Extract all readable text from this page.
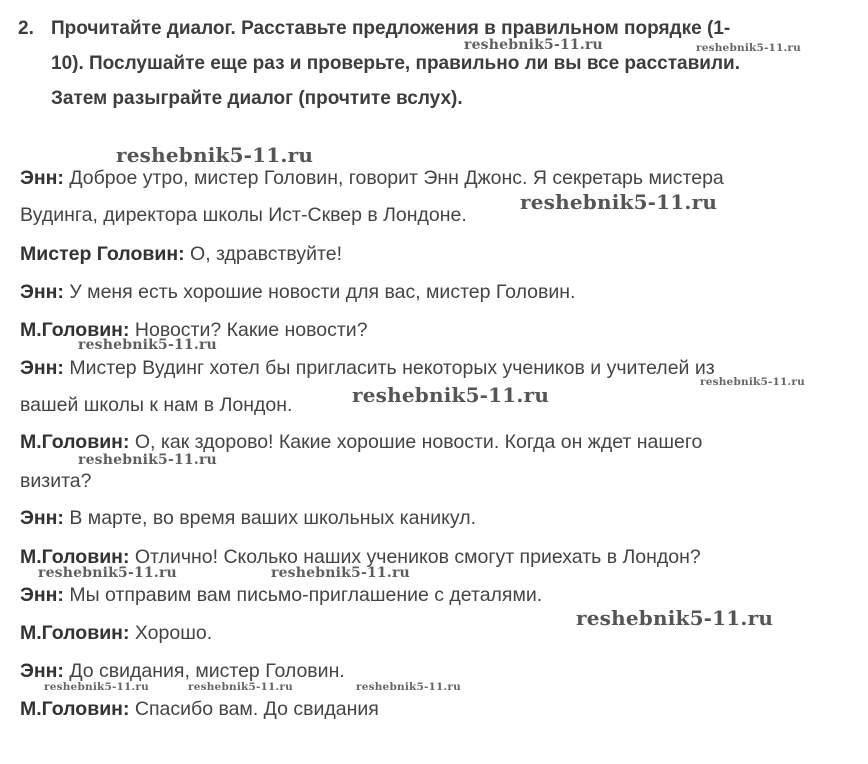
2. Прочитайте диалог. Расставьте предложения в правильном порядке (1-
10). Послушайте еще раз и проверьте, правильно ли вы все расставили.
Затем разыграйте диалог (прочтите вслух).
Энн: Доброе утро, мистер Головин, говорит Энн Джонс. Я секретарь мистера
Вудинга, директора школы Ист-Сквер в Лондоне.
Мистер Головин: О, здравствуйте!
Энн: У меня есть хорошие новости для вас, мистер Головин.
М.Головин: Новости? Какие новости?
Энн: Мистер Вудинг хотел бы пригласить некоторых учеников и учителей из
вашей школы к нам в Лондон.
М.Головин: О, как здорово! Какие хорошие новости. Когда он ждет нашего
визита?
Энн: В марте, во время ваших школьных каникул.
М.Головин: Отлично! Сколько наших учеников смогут приехать в Лондон?
Энн: Мы отправим вам письмо-приглашение с деталями.
М.Головин: Хорошо.
Энн: До свидания, мистер Головин.
М.Головин: Спасибо вам. До свидания
reshebnik5-11.ru	reshebnik5-11.ru
reshebnik5-11.ru
reshebnik5-11.ru
reshebnik5-11.ru
reshebnik5-11.ru
reshebnik5-11.ru
reshebnik5-11.ru
reshebnik5-11.ru	reshebnik5-11.ru
reshebnik5-11.ru
reshebnik5-11.ru	reshebnik5-11.ru	reshebnik5-11.ru
